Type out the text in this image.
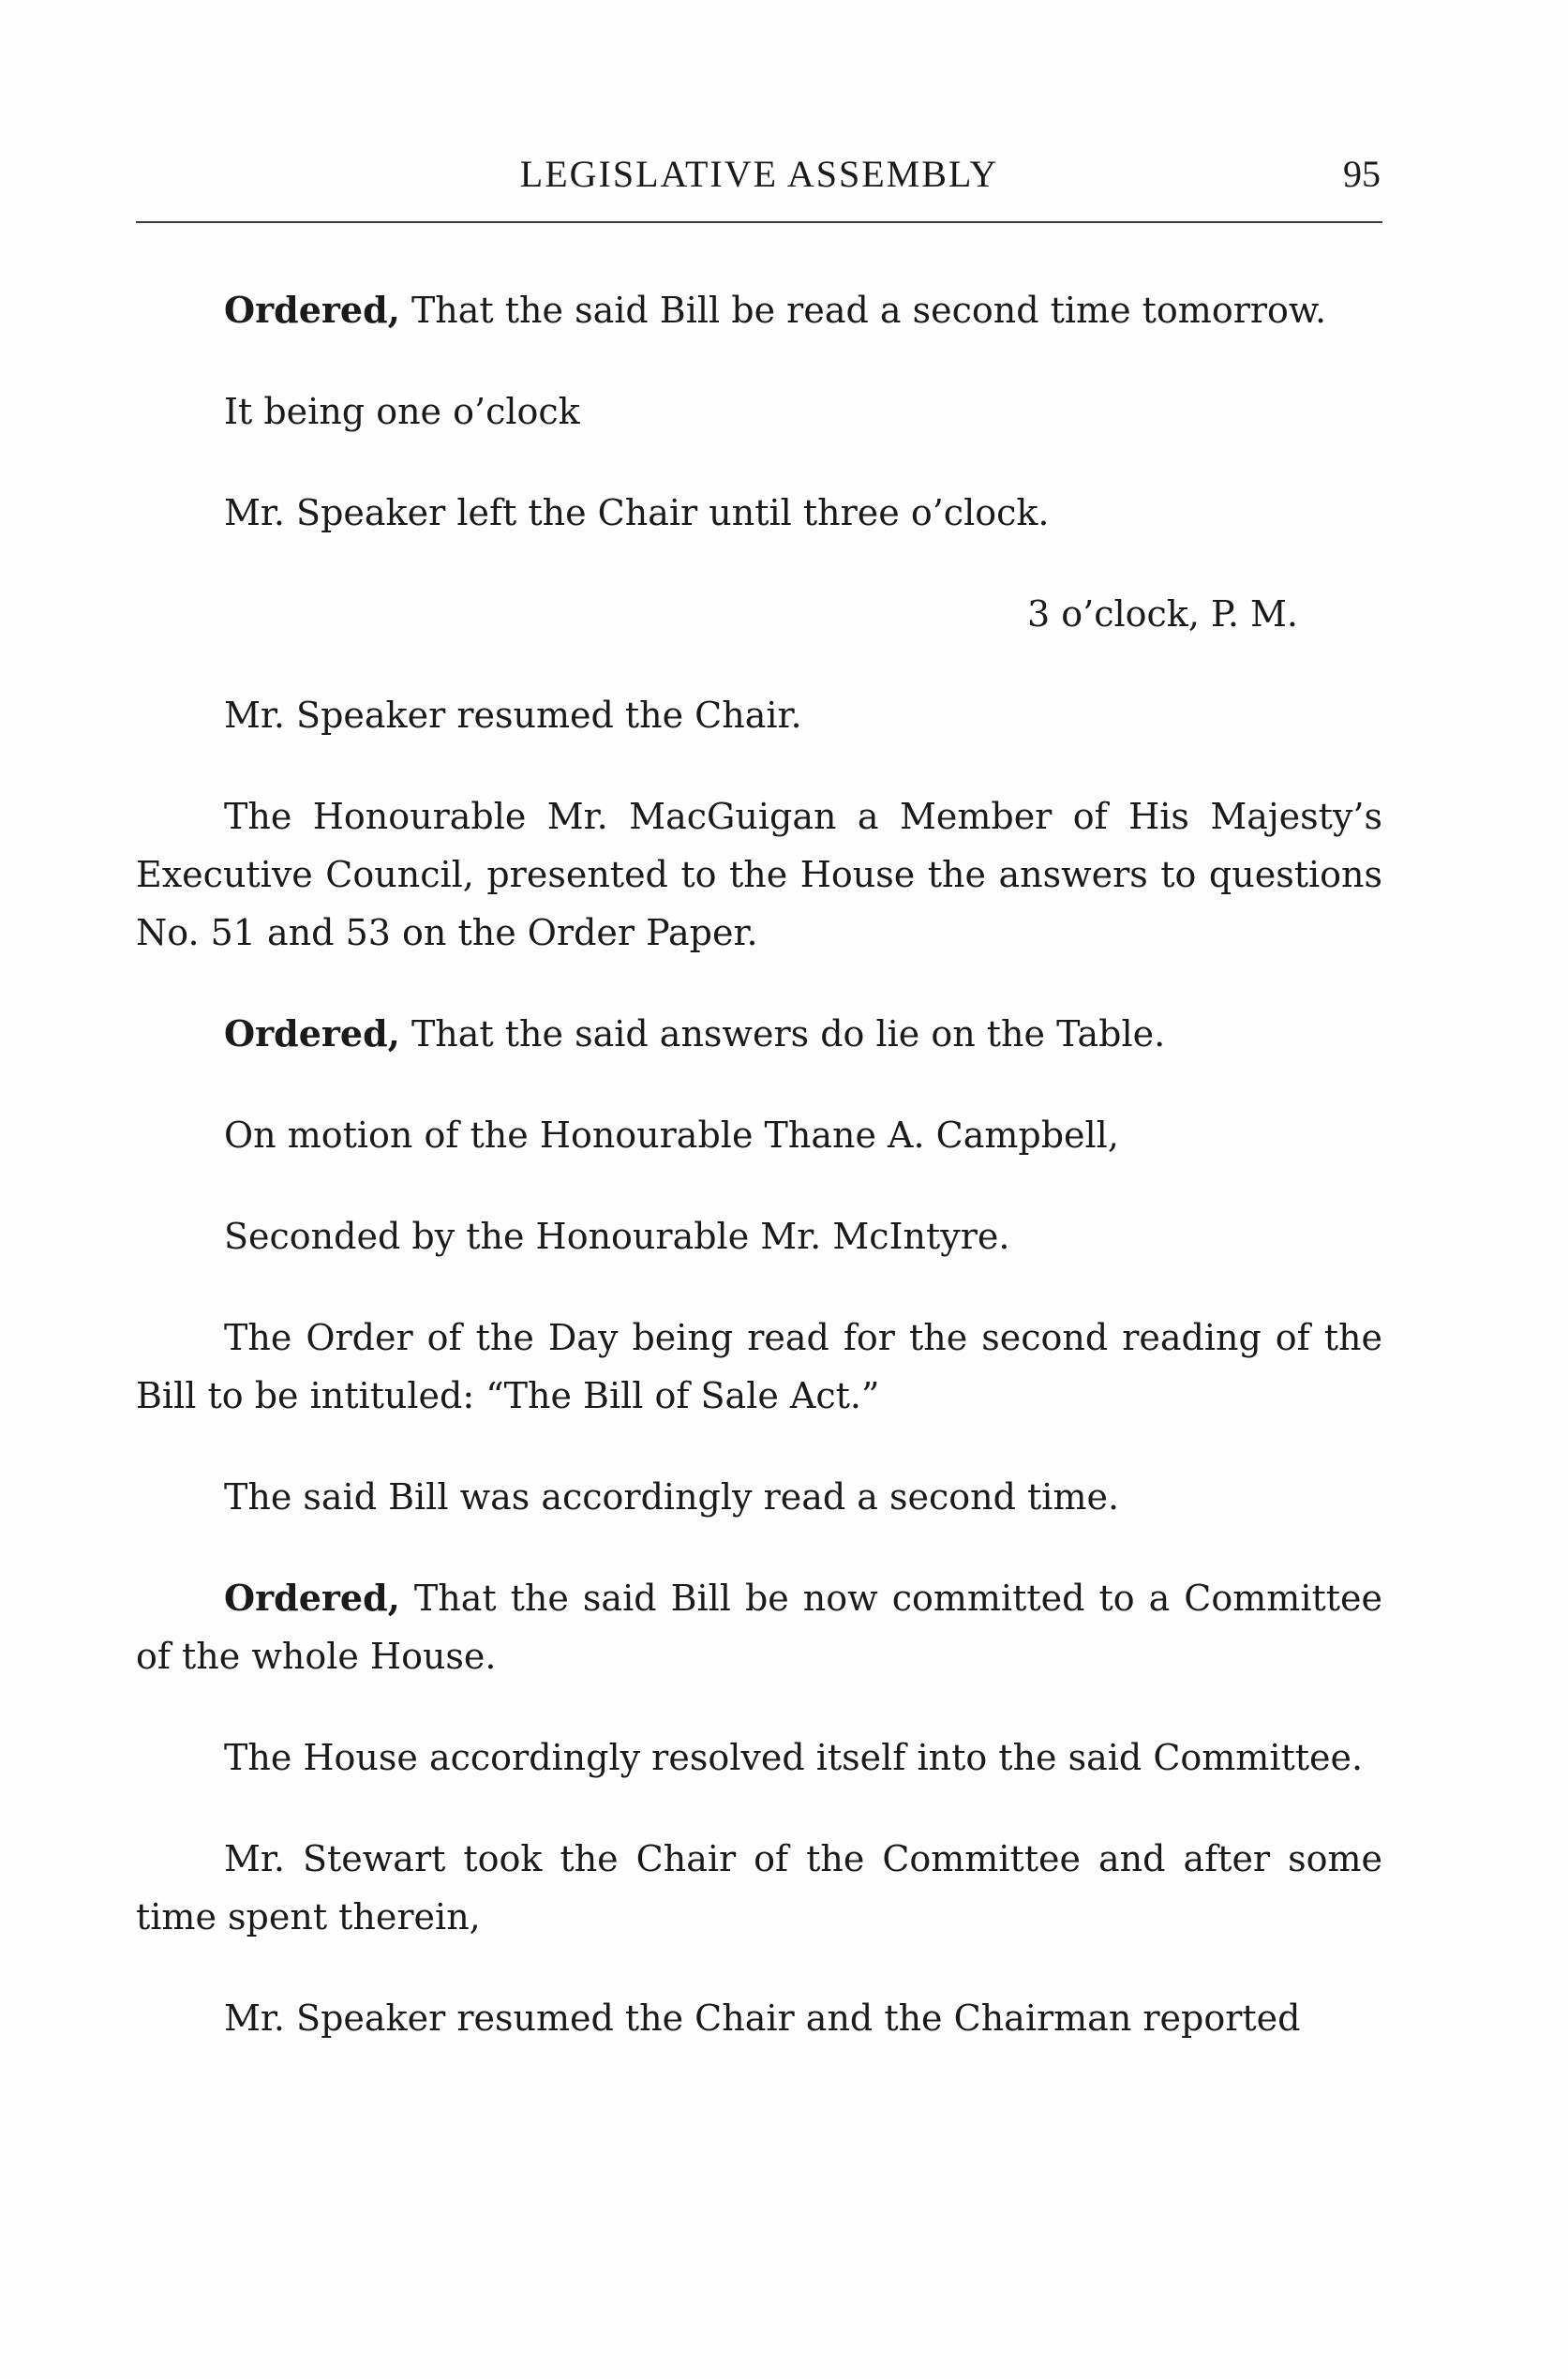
LEGISLATIVE ASSEMBLY	95

Ordered, That the said Bill be read a second time tomorrow.

It being one o’clock

Mr. Speaker left the Chair until three o’clock.

3 o’clock, P. M.

Mr. Speaker resumed the Chair.

The Honourable Mr. MacGuigan a Member of His Majesty’s Executive Council, presented to the House the answers to questions No. 51 and 53 on the Order Paper.

Ordered, That the said answers do lie on the Table.

On motion of the Honourable Thane A. Campbell,

Seconded by the Honourable Mr. McIntyre.

The Order of the Day being read for the second reading of the Bill to be intituled: “The Bill of Sale Act.”

The said Bill was accordingly read a second time.

Ordered, That the said Bill be now committed to a Committee of the whole House.

The House accordingly resolved itself into the said Committee.

Mr. Stewart took the Chair of the Committee and after some time spent therein,

Mr. Speaker resumed the Chair and the Chairman reported
